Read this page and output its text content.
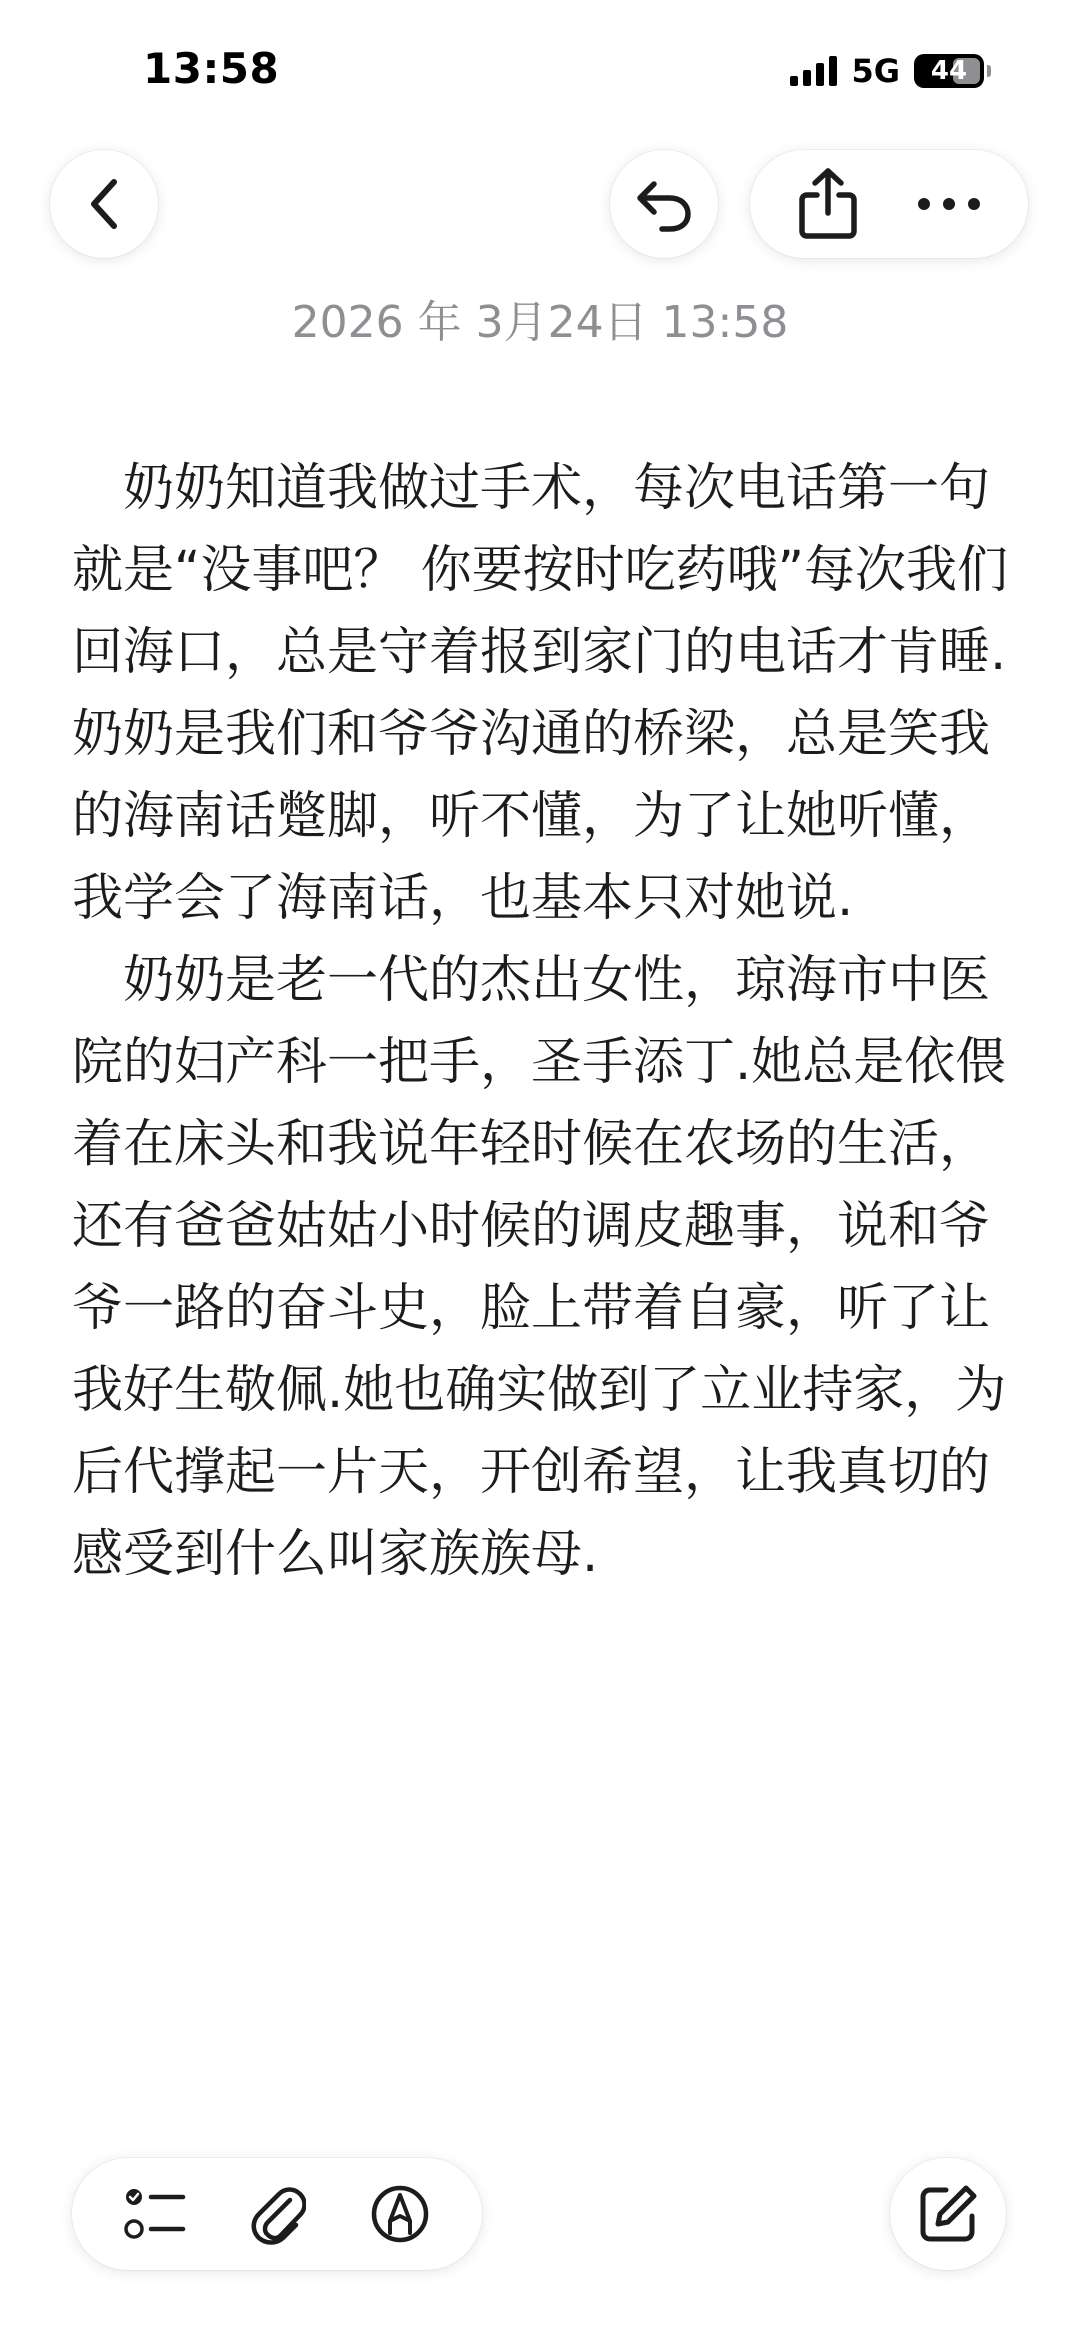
13:58	5G 44
2026 年 3月24日 13:58

　奶奶知道我做过手术，每次电话第一句就是“没事吧？ 你要按时吃药哦”每次我们回海口，总是守着报到家门的电话才肯睡.奶奶是我们和爷爷沟通的桥梁，总是笑我的海南话蹩脚，听不懂，为了让她听懂，我学会了海南话，也基本只对她说.

　奶奶是老一代的杰出女性，琼海市中医院的妇产科一把手，圣手添丁.她总是依偎着在床头和我说年轻时候在农场的生活，还有爸爸姑姑小时候的调皮趣事，说和爷爷一路的奋斗史，脸上带着自豪，听了让我好生敬佩.她也确实做到了立业持家，为后代撑起一片天，开创希望，让我真切的感受到什么叫家族族母.
